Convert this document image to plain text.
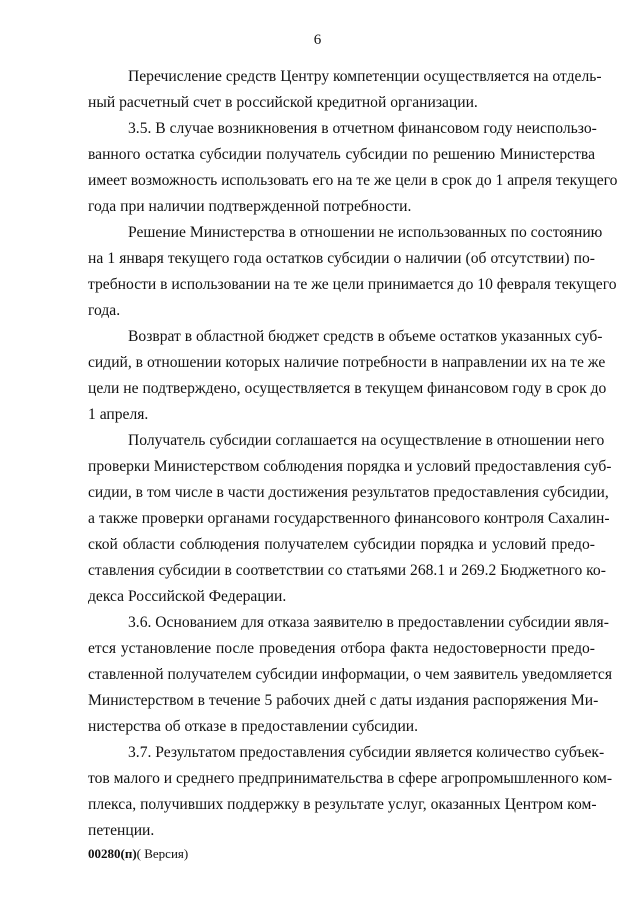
6

Перечисление средств Центру компетенции осуществляется на отдель-
ный расчетный счет в российской кредитной организации.

3.5. В случае возникновения в отчетном финансовом году неиспользо-
ванного остатка субсидии получатель субсидии по решению Министерства
имеет возможность использовать его на те же цели в срок до 1 апреля текущего
года при наличии подтвержденной потребности.

Решение Министерства в отношении не использованных по состоянию
на 1 января текущего года остатков субсидии о наличии (об отсутствии) по-
требности в использовании на те же цели принимается до 10 февраля текущего
года.

Возврат в областной бюджет средств в объеме остатков указанных суб-
сидий, в отношении которых наличие потребности в направлении их на те же
цели не подтверждено, осуществляется в текущем финансовом году в срок до
1 апреля.

Получатель субсидии соглашается на осуществление в отношении него
проверки Министерством соблюдения порядка и условий предоставления суб-
сидии, в том числе в части достижения результатов предоставления субсидии,
а также проверки органами государственного финансового контроля Сахалин-
ской области соблюдения получателем субсидии порядка и условий предо-
ставления субсидии в соответствии со статьями 268.1 и 269.2 Бюджетного ко-
декса Российской Федерации.

3.6. Основанием для отказа заявителю в предоставлении субсидии явля-
ется установление после проведения отбора факта недостоверности предо-
ставленной получателем субсидии информации, о чем заявитель уведомляется
Министерством в течение 5 рабочих дней с даты издания распоряжения Ми-
нистерства об отказе в предоставлении субсидии.

3.7. Результатом предоставления субсидии является количество субъек-
тов малого и среднего предпринимательства в сфере агропромышленного ком-
плекса, получивших поддержку в результате услуг, оказанных Центром ком-
петенции.

00280(п)( Версия)
